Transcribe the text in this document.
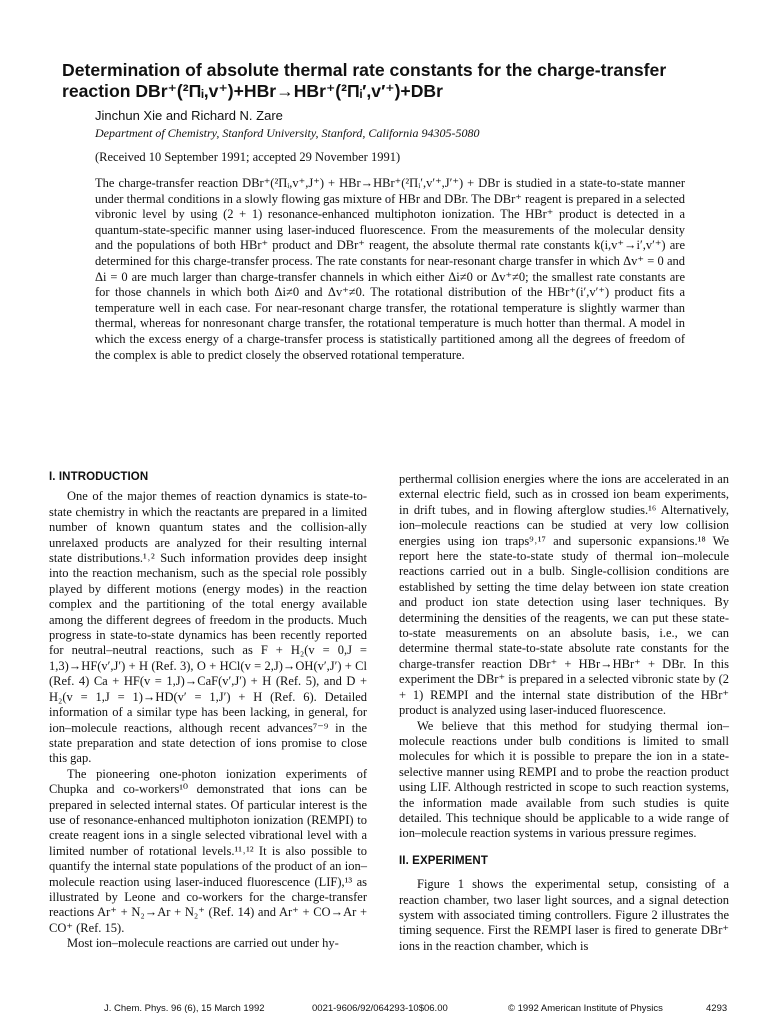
Determination of absolute thermal rate constants for the charge-transfer
reaction DBr⁺(²Πᵢ,v⁺)+HBr→HBr⁺(²Πᵢ′,v′⁺)+DBr
Jinchun Xie and Richard N. Zare
Department of Chemistry, Stanford University, Stanford, California 94305-5080
(Received 10 September 1991; accepted 29 November 1991)

The charge-transfer reaction DBr⁺(²Πᵢ,v⁺,J⁺) + HBr→HBr⁺(²Πᵢ′,v′⁺,J′⁺) + DBr is studied in a state-to-state manner under thermal conditions in a slowly flowing gas mixture of HBr and DBr. The DBr⁺ reagent is prepared in a selected vibronic level by using (2 + 1) resonance-enhanced multiphoton ionization. The HBr⁺ product is detected in a quantum-state-specific manner using laser-induced fluorescence. From the measurements of the molecular density and the populations of both HBr⁺ product and DBr⁺ reagent, the absolute thermal rate constants k(i,v⁺→i′,v′⁺) are determined for this charge-transfer process. The rate constants for near-resonant charge transfer in which Δv⁺ = 0 and Δi = 0 are much larger than charge-transfer channels in which either Δi≠0 or Δv⁺≠0; the smallest rate constants are for those channels in which both Δi≠0 and Δv⁺≠0. The rotational distribution of the HBr⁺(i′,v′⁺) product fits a temperature well in each case. For near-resonant charge transfer, the rotational temperature is slightly warmer than thermal, whereas for nonresonant charge transfer, the rotational temperature is much hotter than thermal. A model in which the excess energy of a charge-transfer process is statistically partitioned among all the degrees of freedom of the complex is able to predict closely the observed rotational temperature.

I. INTRODUCTION

One of the major themes of reaction dynamics is state-to-state chemistry in which the reactants are prepared in a limited number of known quantum states and the collision-ally unrelaxed products are analyzed for their resulting internal state distributions.¹˒² Such information provides deep insight into the reaction mechanism, such as the special role possibly played by different motions (energy modes) in the reaction complex and the partitioning of the total energy available among the different degrees of freedom in the products. Much progress in state-to-state dynamics has been recently reported for neutral–neutral reactions, such as F + H₂(v = 0,J = 1,3)→HF(v′,J′) + H (Ref. 3), O + HCl(v = 2,J)→OH(v′,J′) + Cl (Ref. 4) Ca + HF(v = 1,J)→CaF(v′,J′) + H (Ref. 5), and D + H₂(v = 1,J = 1)→HD(v′ = 1,J′) + H (Ref. 6). Detailed information of a similar type has been lacking, in general, for ion–molecule reactions, although recent advances⁷⁻⁹ in the state preparation and state detection of ions promise to close this gap.

The pioneering one-photon ionization experiments of Chupka and co-workers¹⁰ demonstrated that ions can be prepared in selected internal states. Of particular interest is the use of resonance-enhanced multiphoton ionization (REMPI) to create reagent ions in a single selected vibrational level with a limited number of rotational levels.¹¹˒¹² It is also possible to quantify the internal state populations of the product of an ion–molecule reaction using laser-induced fluorescence (LIF),¹³ as illustrated by Leone and co-workers for the charge-transfer reactions Ar⁺ + N₂→Ar + N₂⁺ (Ref. 14) and Ar⁺ + CO→Ar + CO⁺ (Ref. 15).

Most ion–molecule reactions are carried out under hy-

perthermal collision energies where the ions are accelerated in an external electric field, such as in crossed ion beam experiments, in drift tubes, and in flowing afterglow studies.¹⁶ Alternatively, ion–molecule reactions can be studied at very low collision energies using ion traps⁹˒¹⁷ and supersonic expansions.¹⁸ We report here the state-to-state study of thermal ion–molecule reactions carried out in a bulb. Single-collision conditions are established by setting the time delay between ion state creation and product ion state detection using laser techniques. By determining the densities of the reagents, we can put these state-to-state measurements on an absolute basis, i.e., we can determine thermal state-to-state absolute rate constants for the charge-transfer reaction DBr⁺ + HBr→HBr⁺ + DBr. In this experiment the DBr⁺ is prepared in a selected vibronic state by (2 + 1) REMPI and the internal state distribution of the HBr⁺ product is analyzed using laser-induced fluorescence.

We believe that this method for studying thermal ion–molecule reactions under bulb conditions is limited to small molecules for which it is possible to prepare the ion in a state-selective manner using REMPI and to probe the reaction product using LIF. Although restricted in scope to such reaction systems, the information made available from such studies is quite detailed. This technique should be applicable to a wide range of ion–molecule reaction systems in various pressure regimes.

II. EXPERIMENT

Figure 1 shows the experimental setup, consisting of a reaction chamber, two laser light sources, and a signal detection system with associated timing controllers. Figure 2 illustrates the timing sequence. First the REMPI laser is fired to generate DBr⁺ ions in the reaction chamber, which is

J. Chem. Phys. 96 (6), 15 March 1992	0021-9606/92/064293-10$06.00	© 1992 American Institute of Physics	4293
